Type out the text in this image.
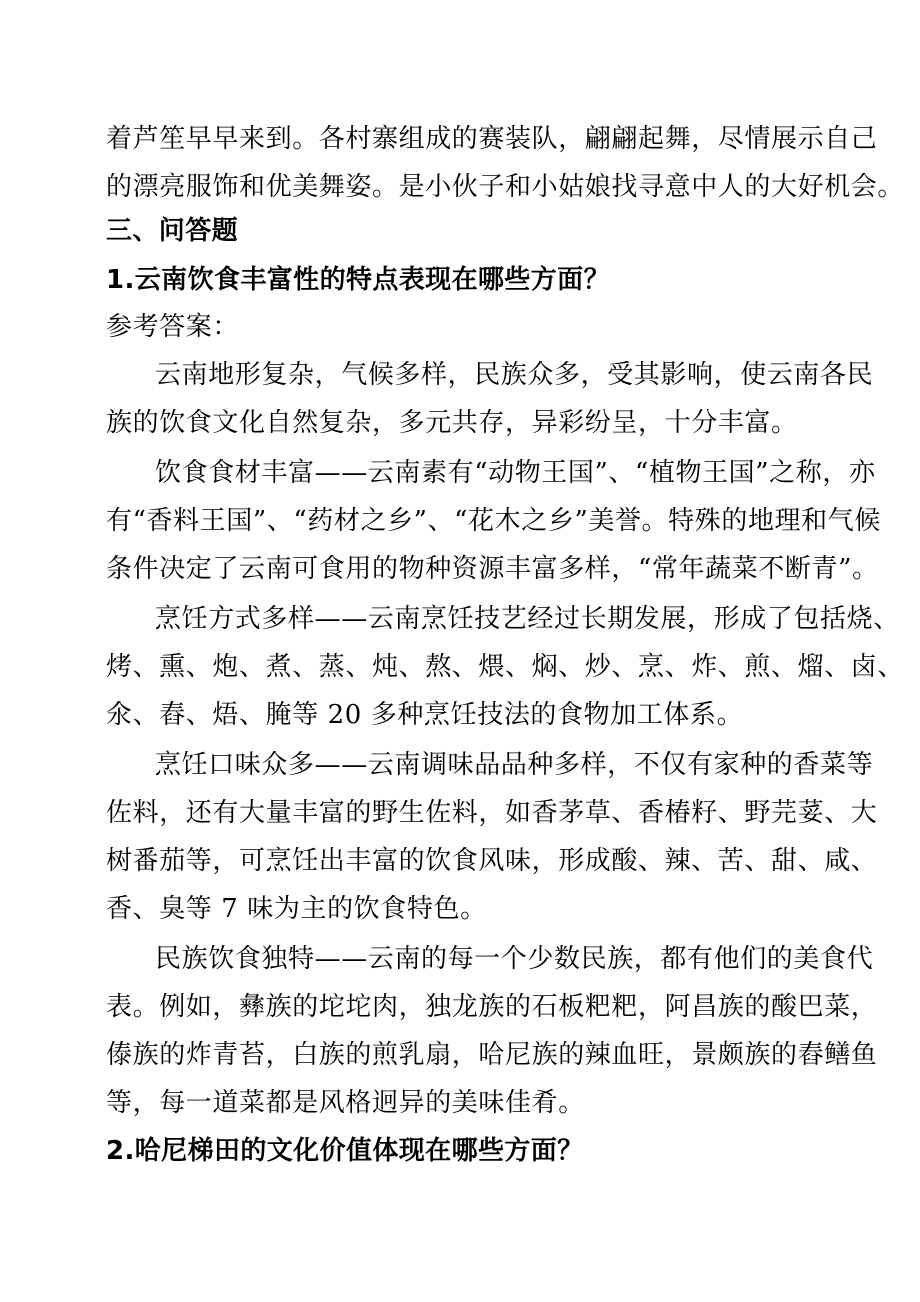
着芦笙早早来到。各村寨组成的赛装队，翩翩起舞，尽情展示自己
的漂亮服饰和优美舞姿。是小伙子和小姑娘找寻意中人的大好机会。
三、问答题
1.云南饮食丰富性的特点表现在哪些方面？
参考答案：
云南地形复杂，气候多样，民族众多，受其影响，使云南各民
族的饮食文化自然复杂，多元共存，异彩纷呈，十分丰富。
饮食食材丰富——云南素有“动物王国”、“植物王国”之称，亦
有“香料王国”、“药材之乡”、“花木之乡”美誉。特殊的地理和气候
条件决定了云南可食用的物种资源丰富多样，“常年蔬菜不断青”。
烹饪方式多样——云南烹饪技艺经过长期发展，形成了包括烧、
烤、熏、炮、煮、蒸、炖、熬、煨、焖、炒、烹、炸、煎、熘、卤、
氽、舂、焐、腌等 20 多种烹饪技法的食物加工体系。
烹饪口味众多——云南调味品品种多样，不仅有家种的香菜等
佐料，还有大量丰富的野生佐料，如香茅草、香椿籽、野芫荽、大
树番茄等，可烹饪出丰富的饮食风味，形成酸、辣、苦、甜、咸、
香、臭等 7 味为主的饮食特色。
民族饮食独特——云南的每一个少数民族，都有他们的美食代
表。例如，彝族的坨坨肉，独龙族的石板粑粑，阿昌族的酸巴菜，
傣族的炸青苔，白族的煎乳扇，哈尼族的辣血旺，景颇族的舂鳝鱼
等，每一道菜都是风格迥异的美味佳肴。
2.哈尼梯田的文化价值体现在哪些方面？
